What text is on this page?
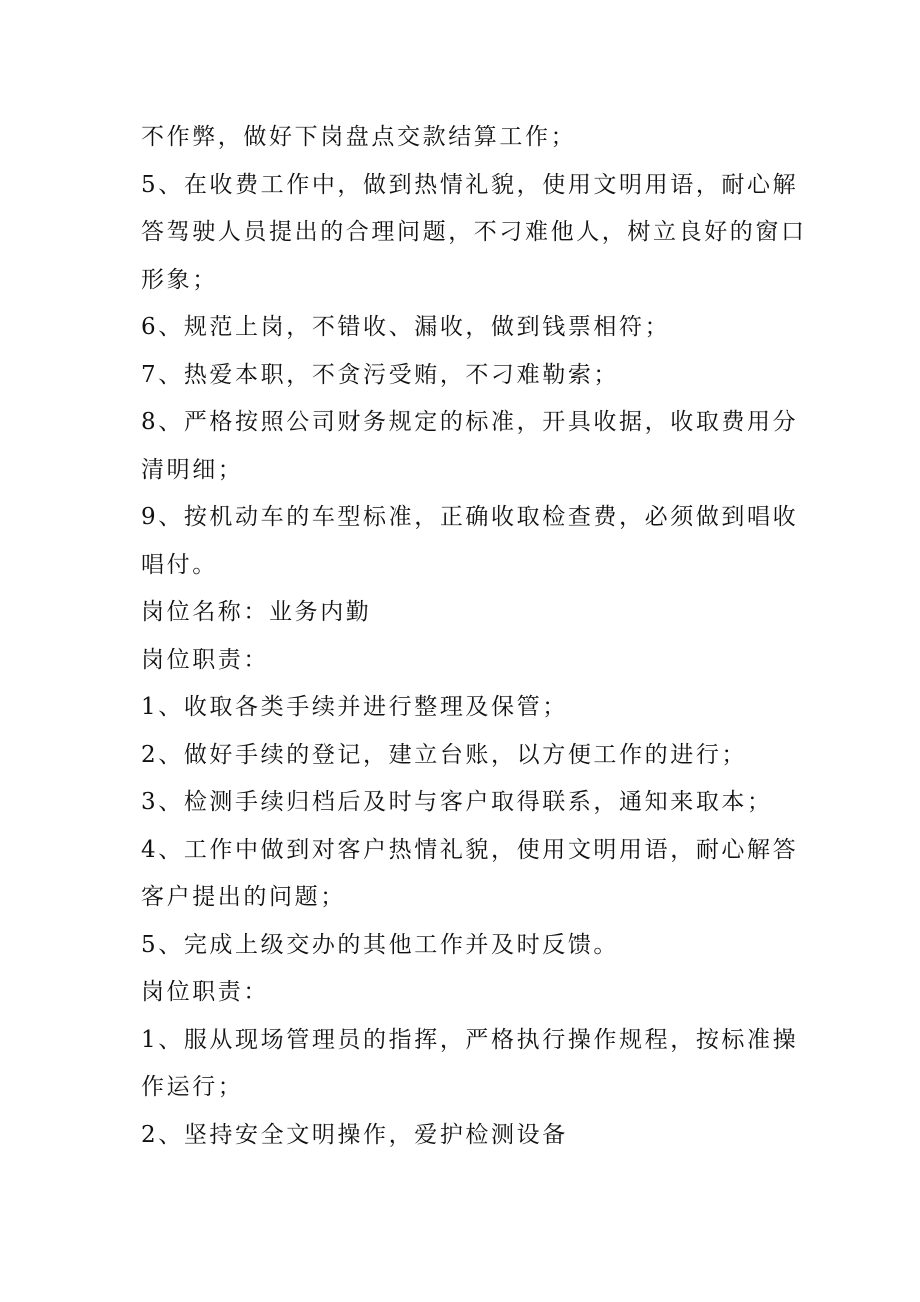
不作弊，做好下岗盘点交款结算工作；
5、在收费工作中，做到热情礼貌，使用文明用语，耐心解
答驾驶人员提出的合理问题，不刁难他人，树立良好的窗口
形象；
6、规范上岗，不错收、漏收，做到钱票相符；
7、热爱本职，不贪污受贿，不刁难勒索；
8、严格按照公司财务规定的标准，开具收据，收取费用分
清明细；
9、按机动车的车型标准，正确收取检查费，必须做到唱收
唱付。
岗位名称：业务内勤
岗位职责：
1、收取各类手续并进行整理及保管；
2、做好手续的登记，建立台账，以方便工作的进行；
3、检测手续归档后及时与客户取得联系，通知来取本；
4、工作中做到对客户热情礼貌，使用文明用语，耐心解答
客户提出的问题；
5、完成上级交办的其他工作并及时反馈。
岗位职责：
1、服从现场管理员的指挥，严格执行操作规程，按标准操
作运行；
2、坚持安全文明操作，爱护检测设备
